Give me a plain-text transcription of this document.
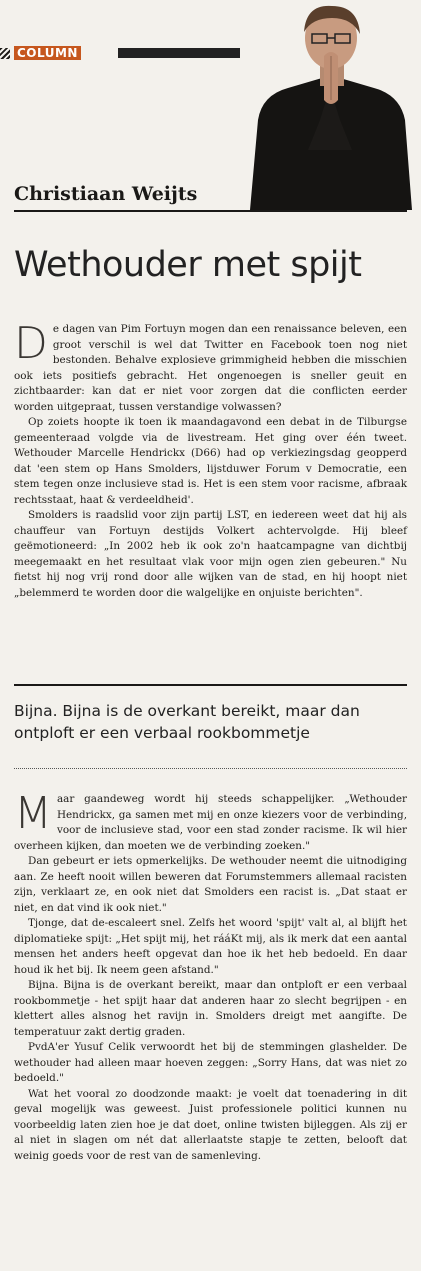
COLUMN
Christiaan Weijts
Wethouder met spijt
D e dagen van Pim Fortuyn mogen dan een renaissance beleven, een groot verschil is wel dat Twitter en Facebook toen nog niet bestonden. Behalve explosieve grimmigheid hebben die misschien ook iets positiefs gebracht. Het ongenoegen is sneller geuit en zichtbaarder: kan dat er niet voor zorgen dat die conflicten eerder worden uitgepraat, tussen verstandige volwassen?

Op zoiets hoopte ik toen ik maandagavond een debat in de Tilburgse gemeenteraad volgde via de livestream. Het ging over één tweet. Wethouder Marcelle Hendrickx (D66) had op verkiezingsdag geopperd dat 'een stem op Hans Smolders, lijstduwer Forum v Democratie, een stem tegen onze inclusieve stad is. Het is een stem voor racisme, afbraak rechtsstaat, haat & verdeeldheid'.

Smolders is raadslid voor zijn partij LST, en iedereen weet dat hij als chauffeur van Fortuyn destijds Volkert achtervolgde. Hij bleef geëmotioneerd: „In 2002 heb ik ook zo'n haatcampagne van dichtbij meegemaakt en het resultaat vlak voor mijn ogen zien gebeuren." Nu fietst hij nog vrij rond door alle wijken van de stad, en hij hoopt niet „belemmerd te worden door die walgelijke en onjuiste berichten".

Bijna. Bijna is de overkant bereikt, maar dan ontploft er een verbaal rookbommetje
M aar gaandeweg wordt hij steeds schappelijker. „Wethouder Hendrickx, ga samen met mij en onze kiezers voor de verbinding, voor de inclusieve stad, voor een stad zonder racisme. Ik wil hier overheen kijken, dan moeten we de verbinding zoeken."

Dan gebeurt er iets opmerkelijks. De wethouder neemt die uitnodiging aan. Ze heeft nooit willen beweren dat Forumstemmers allemaal racisten zijn, verklaart ze, en ook niet dat Smolders een racist is. „Dat staat er niet, en dat vind ik ook niet."

Tjonge, dat de-escaleert snel. Zelfs het woord 'spijt' valt al, al blijft het diplomatieke spijt: „Het spijt mij, het rááKt mij, als ik merk dat een aantal mensen het anders heeft opgevat dan hoe ik het heb bedoeld. En daar houd ik het bij. Ik neem geen afstand."

Bijna. Bijna is de overkant bereikt, maar dan ontploft er een verbaal rookbommetje - het spijt haar dat anderen haar zo slecht begrijpen - en klettert alles alsnog het ravijn in. Smolders dreigt met aangifte. De temperatuur zakt dertig graden.

PvdA'er Yusuf Celik verwoordt het bij de stemmingen glashelder. De wethouder had alleen maar hoeven zeggen: „Sorry Hans, dat was niet zo bedoeld."

Wat het vooral zo doodzonde maakt: je voelt dat toenadering in dit geval mogelijk was geweest. Juist professionele politici kunnen nu voorbeeldig laten zien hoe je dat doet, online twisten bijleggen. Als zij er al niet in slagen om nét dat allerlaatste stapje te zetten, belooft dat weinig goeds voor de rest van de samenleving.
